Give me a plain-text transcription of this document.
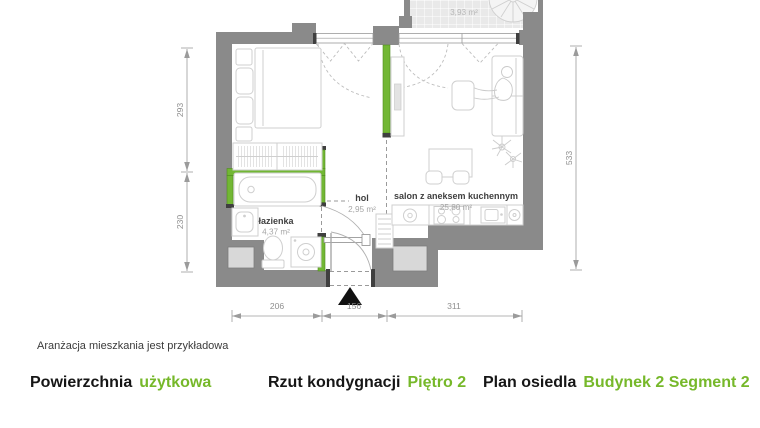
3,93 m²
łazienka
4,37 m²
hol
2,95 m²
salon z aneksem kuchennym
25,80 m²
293
230
533
206	156	311
Aranżacja mieszkania jest przykładowa
Powierzchnia użytkowa	Rzut kondygnacji Piętro 2 Plan osiedla Budynek 2 Segment 2
